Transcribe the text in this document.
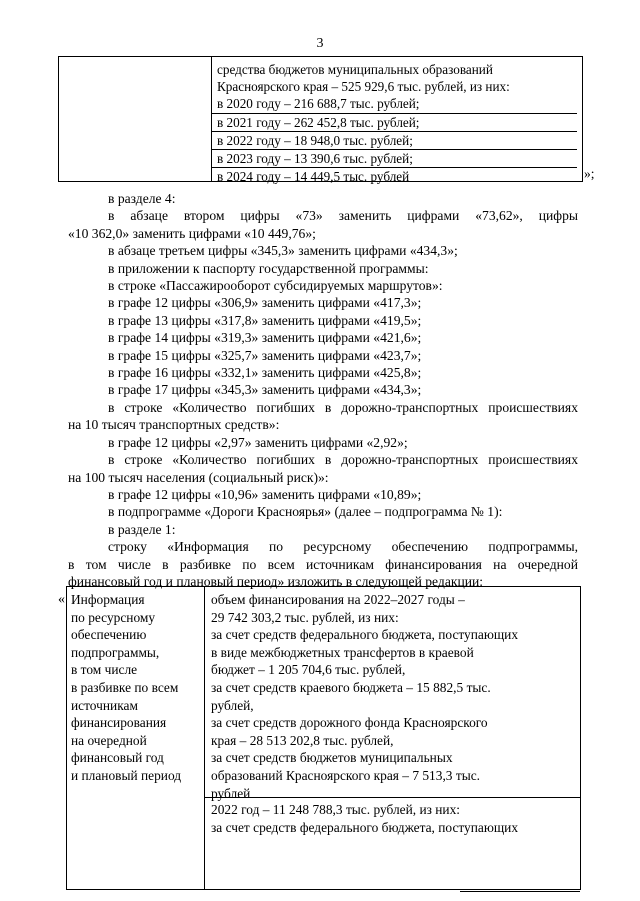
3
средства бюджетов муниципальных образований
Красноярского края – 525 929,6 тыс. рублей, из них:
в 2020 году – 216 688,7 тыс. рублей;
в 2021 году – 262 452,8 тыс. рублей;
в 2022 году – 18 948,0 тыс. рублей;
в 2023 году – 13 390,6 тыс. рублей;
в 2024 году – 14 449,5 тыс. рублей	»;
в разделе 4:
в абзаце втором цифры «73» заменить цифрами «73,62», цифры
«10 362,0» заменить цифрами «10 449,76»;
в абзаце третьем цифры «345,3» заменить цифрами «434,3»;
в приложении к паспорту государственной программы:
в строке «Пассажирооборот субсидируемых маршрутов»:
в графе 12 цифры «306,9» заменить цифрами «417,3»;
в графе 13 цифры «317,8» заменить цифрами «419,5»;
в графе 14 цифры «319,3» заменить цифрами «421,6»;
в графе 15 цифры «325,7» заменить цифрами «423,7»;
в графе 16 цифры «332,1» заменить цифрами «425,8»;
в графе 17 цифры «345,3» заменить цифрами «434,3»;
в строке «Количество погибших в дорожно-транспортных происшествиях
на 10 тысяч транспортных средств»:
в графе 12 цифры «2,97» заменить цифрами «2,92»;
в строке «Количество погибших в дорожно-транспортных происшествиях
на 100 тысяч населения (социальный риск)»:
в графе 12 цифры «10,96» заменить цифрами «10,89»;
в подпрограмме «Дороги Красноярья» (далее – подпрограмма № 1):
в разделе 1:
строку «Информация по ресурсному обеспечению подпрограммы,
в том числе в разбивке по всем источникам финансирования на очередной
финансовый год и плановый период» изложить в следующей редакции:
« Информация
по ресурсному
обеспечению
подпрограммы,
в том числе
в разбивке по всем
источникам
финансирования
на очередной
финансовый год
и плановый период
объем финансирования на 2022–2027 годы –
29 742 303,2 тыс. рублей, из них:
за счет средств федерального бюджета, поступающих
в виде межбюджетных трансфертов в краевой
бюджет – 1 205 704,6 тыс. рублей,
за счет средств краевого бюджета – 15 882,5 тыс.
рублей,
за счет средств дорожного фонда Красноярского
края – 28 513 202,8 тыс. рублей,
за счет средств бюджетов муниципальных
образований Красноярского края – 7 513,3 тыс.
рублей
2022 год – 11 248 788,3 тыс. рублей, из них:
за счет средств федерального бюджета, поступающих
